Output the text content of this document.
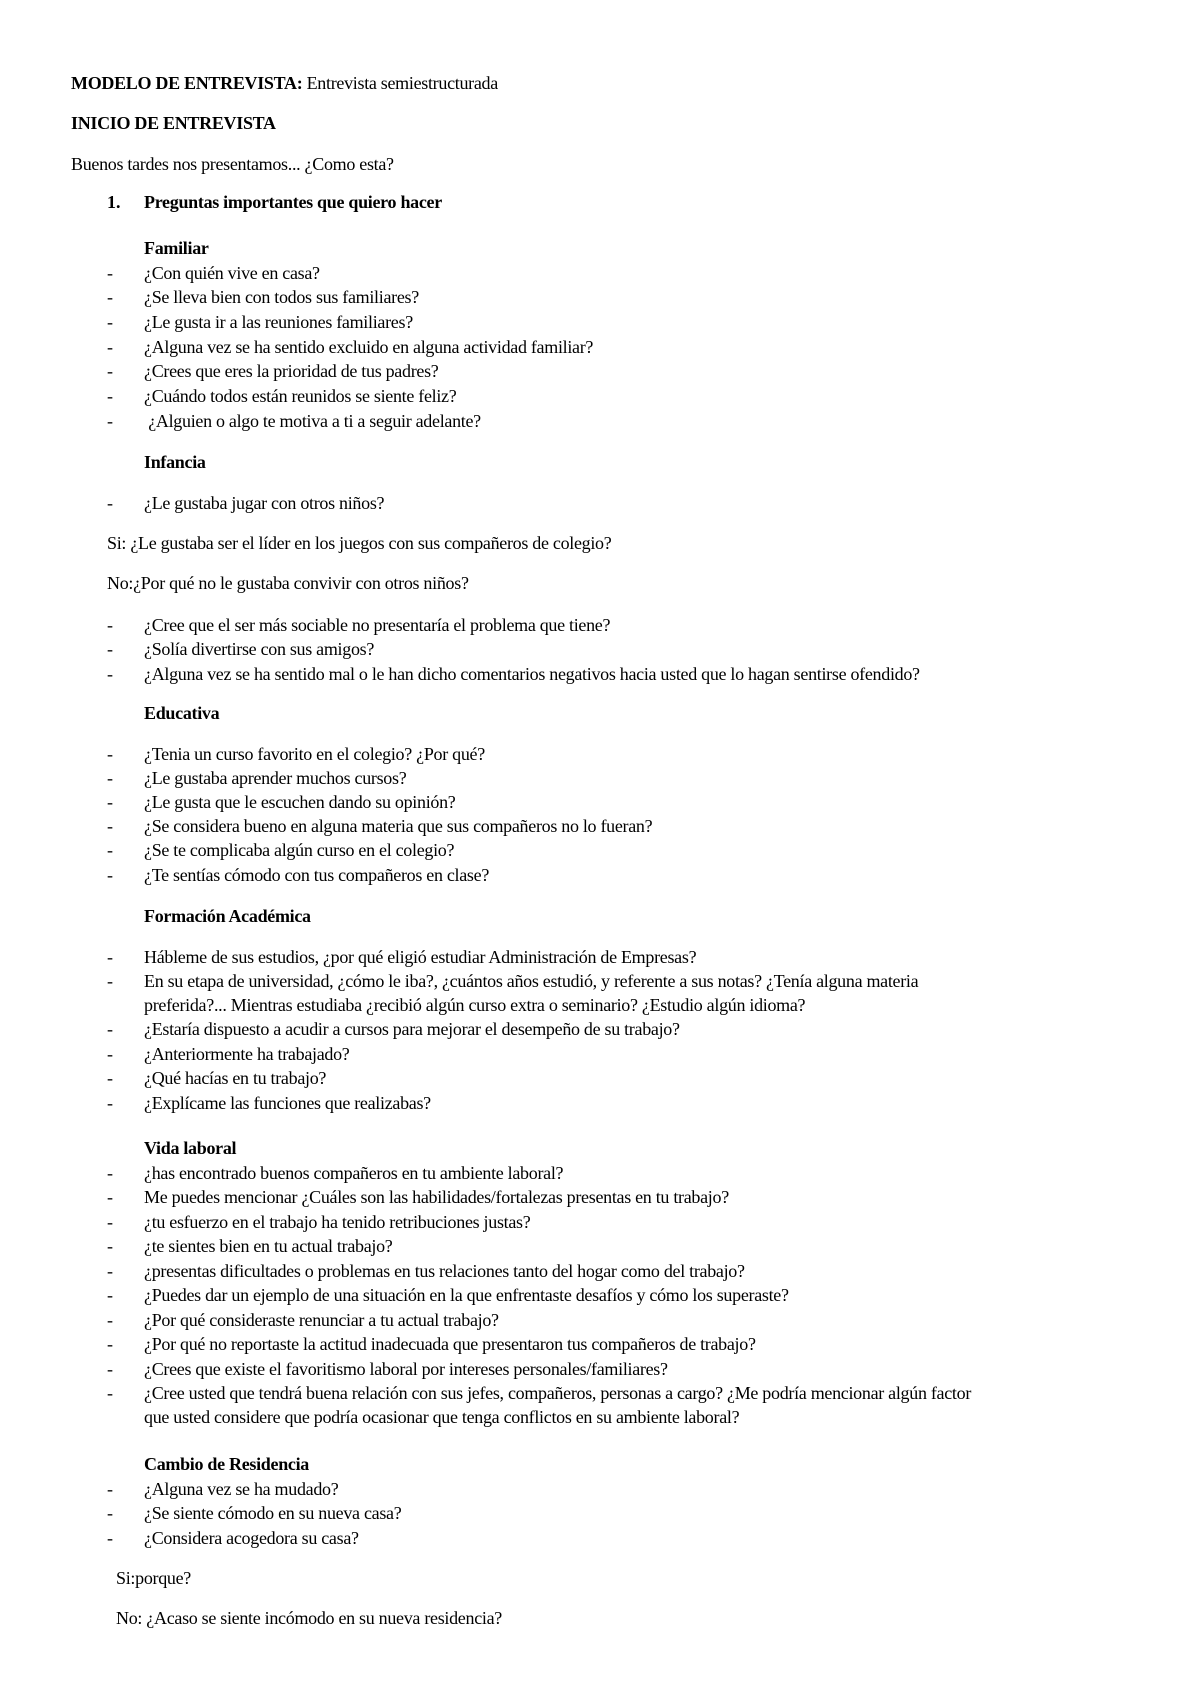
MODELO DE ENTREVISTA: Entrevista semiestructurada
INICIO DE ENTREVISTA
Buenos tardes nos presentamos... ¿Como esta?
1. Preguntas importantes que quiero hacer
Familiar
- ¿Con quién vive en casa?
- ¿Se lleva bien con todos sus familiares?
- ¿Le gusta ir a las reuniones familiares?
- ¿Alguna vez se ha sentido excluido en alguna actividad familiar?
- ¿Crees que eres la prioridad de tus padres?
- ¿Cuándo todos están reunidos se siente feliz?
- ¿Alguien o algo te motiva a ti a seguir adelante?
Infancia
- ¿Le gustaba jugar con otros niños?
Si: ¿Le gustaba ser el líder en los juegos con sus compañeros de colegio?
No:¿Por qué no le gustaba convivir con otros niños?
- ¿Cree que el ser más sociable no presentaría el problema que tiene?
- ¿Solía divertirse con sus amigos?
- ¿Alguna vez se ha sentido mal o le han dicho comentarios negativos hacia usted que lo hagan sentirse ofendido?
Educativa
- ¿Tenia un curso favorito en el colegio? ¿Por qué?
- ¿Le gustaba aprender muchos cursos?
- ¿Le gusta que le escuchen dando su opinión?
- ¿Se considera bueno en alguna materia que sus compañeros no lo fueran?
- ¿Se te complicaba algún curso en el colegio?
- ¿Te sentías cómodo con tus compañeros en clase?
Formación Académica
- Hábleme de sus estudios, ¿por qué eligió estudiar Administración de Empresas?
- En su etapa de universidad, ¿cómo le iba?, ¿cuántos años estudió, y referente a sus notas? ¿Tenía alguna materia
preferida?... Mientras estudiaba ¿recibió algún curso extra o seminario? ¿Estudio algún idioma?
- ¿Estaría dispuesto a acudir a cursos para mejorar el desempeño de su trabajo?
- ¿Anteriormente ha trabajado?
- ¿Qué hacías en tu trabajo?
- ¿Explícame las funciones que realizabas?
Vida laboral
- ¿has encontrado buenos compañeros en tu ambiente laboral?
- Me puedes mencionar ¿Cuáles son las habilidades/fortalezas presentas en tu trabajo?
- ¿tu esfuerzo en el trabajo ha tenido retribuciones justas?
- ¿te sientes bien en tu actual trabajo?
- ¿presentas dificultades o problemas en tus relaciones tanto del hogar como del trabajo?
- ¿Puedes dar un ejemplo de una situación en la que enfrentaste desafíos y cómo los superaste?
- ¿Por qué consideraste renunciar a tu actual trabajo?
- ¿Por qué no reportaste la actitud inadecuada que presentaron tus compañeros de trabajo?
- ¿Crees que existe el favoritismo laboral por intereses personales/familiares?
- ¿Cree usted que tendrá buena relación con sus jefes, compañeros, personas a cargo? ¿Me podría mencionar algún factor
que usted considere que podría ocasionar que tenga conflictos en su ambiente laboral?
Cambio de Residencia
- ¿Alguna vez se ha mudado?
- ¿Se siente cómodo en su nueva casa?
- ¿Considera acogedora su casa?
Si:porque?
No: ¿Acaso se siente incómodo en su nueva residencia?
